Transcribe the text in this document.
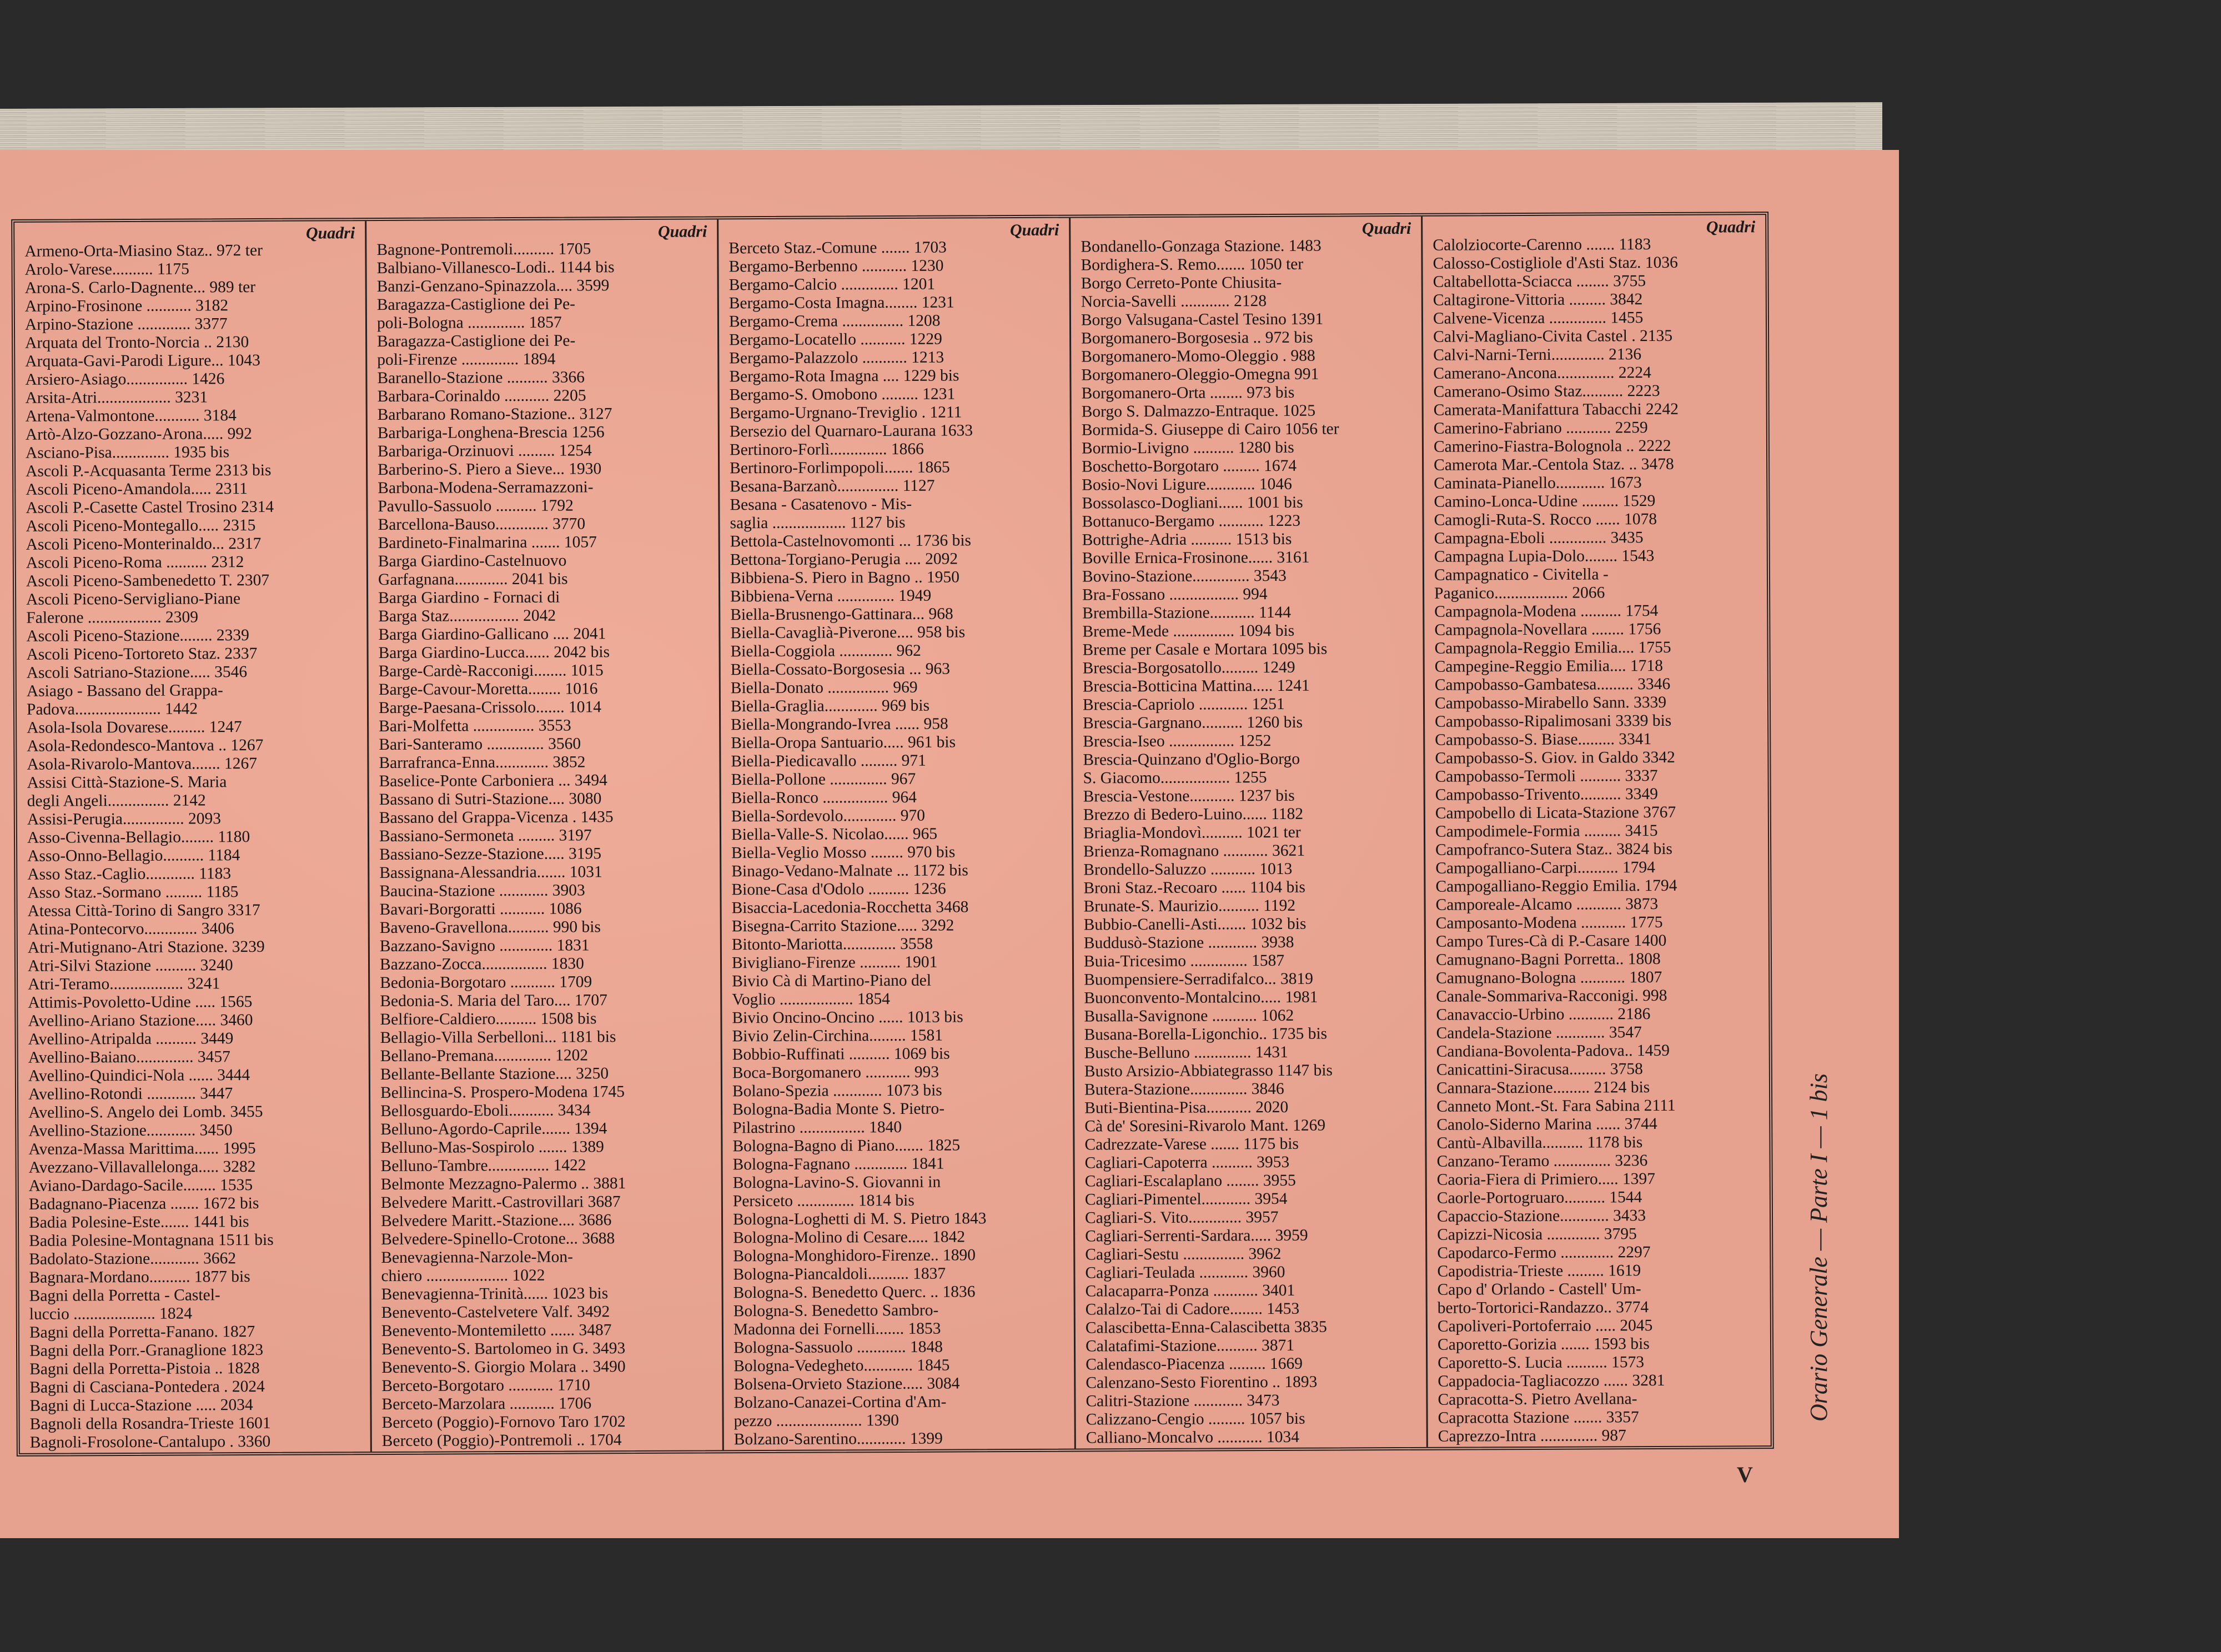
Quadri
Armeno-Orta-Miasino Staz.. 972 ter
Arolo-Varese.......... 1175
Arona-S. Carlo-Dagnente... 989 ter
Arpino-Frosinone ........... 3182
Arpino-Stazione ............. 3377
Arquata del Tronto-Norcia .. 2130
Arquata-Gavi-Parodi Ligure... 1043
Arsiero-Asiago............... 1426
Arsita-Atri.................. 3231
Artena-Valmontone........... 3184
Artò-Alzo-Gozzano-Arona..... 992
Asciano-Pisa.............. 1935 bis
Ascoli P.-Acquasanta Terme 2313 bis
Ascoli Piceno-Amandola..... 2311
Ascoli P.-Casette Castel Trosino 2314
Ascoli Piceno-Montegallo..... 2315
Ascoli Piceno-Monterinaldo... 2317
Ascoli Piceno-Roma .......... 2312
Ascoli Piceno-Sambenedetto T. 2307
Ascoli Piceno-Servigliano-Piane
Falerone .................. 2309
Ascoli Piceno-Stazione........ 2339
Ascoli Piceno-Tortoreto Staz. 2337
Ascoli Satriano-Stazione..... 3546
Asiago - Bassano del Grappa-
Padova..................... 1442
Asola-Isola Dovarese......... 1247
Asola-Redondesco-Mantova .. 1267
Asola-Rivarolo-Mantova....... 1267
Assisi Città-Stazione-S. Maria
degli Angeli............... 2142
Assisi-Perugia............... 2093
Asso-Civenna-Bellagio........ 1180
Asso-Onno-Bellagio.......... 1184
Asso Staz.-Caglio............ 1183
Asso Staz.-Sormano ......... 1185
Atessa Città-Torino di Sangro 3317
Atina-Pontecorvo............. 3406
Atri-Mutignano-Atri Stazione. 3239
Atri-Silvi Stazione .......... 3240
Atri-Teramo.................. 3241
Attimis-Povoletto-Udine ..... 1565
Avellino-Ariano Stazione..... 3460
Avellino-Atripalda .......... 3449
Avellino-Baiano.............. 3457
Avellino-Quindici-Nola ...... 3444
Avellino-Rotondi ............ 3447
Avellino-S. Angelo dei Lomb. 3455
Avellino-Stazione............ 3450
Avenza-Massa Marittima...... 1995
Avezzano-Villavallelonga..... 3282
Aviano-Dardago-Sacile........ 1535
Badagnano-Piacenza ....... 1672 bis
Badia Polesine-Este....... 1441 bis
Badia Polesine-Montagnana 1511 bis
Badolato-Stazione............ 3662
Bagnara-Mordano.......... 1877 bis
Bagni della Porretta - Castel-
luccio .................... 1824
Bagni della Porretta-Fanano. 1827
Bagni della Porr.-Granaglione 1823
Bagni della Porretta-Pistoia .. 1828
Bagni di Casciana-Pontedera . 2024
Bagni di Lucca-Stazione ..... 2034
Bagnoli della Rosandra-Trieste 1601
Bagnoli-Frosolone-Cantalupo . 3360
Quadri
Bagnone-Pontremoli.......... 1705
Balbiano-Villanesco-Lodi.. 1144 bis
Banzi-Genzano-Spinazzola.... 3599
Baragazza-Castiglione dei Pe-
poli-Bologna .............. 1857
Baragazza-Castiglione dei Pe-
poli-Firenze .............. 1894
Baranello-Stazione .......... 3366
Barbara-Corinaldo ........... 2205
Barbarano Romano-Stazione.. 3127
Barbariga-Longhena-Brescia 1256
Barbariga-Orzinuovi ......... 1254
Barberino-S. Piero a Sieve... 1930
Barbona-Modena-Serramazzoni-
Pavullo-Sassuolo .......... 1792
Barcellona-Bauso............. 3770
Bardineto-Finalmarina ....... 1057
Barga Giardino-Castelnuovo
Garfagnana............. 2041 bis
Barga Giardino - Fornaci di
Barga Staz................. 2042
Barga Giardino-Gallicano .... 2041
Barga Giardino-Lucca...... 2042 bis
Barge-Cardè-Racconigi........ 1015
Barge-Cavour-Moretta........ 1016
Barge-Paesana-Crissolo....... 1014
Bari-Molfetta ............... 3553
Bari-Santeramo .............. 3560
Barrafranca-Enna............. 3852
Baselice-Ponte Carboniera ... 3494
Bassano di Sutri-Stazione.... 3080
Bassano del Grappa-Vicenza . 1435
Bassiano-Sermoneta ......... 3197
Bassiano-Sezze-Stazione..... 3195
Bassignana-Alessandria....... 1031
Baucina-Stazione ............ 3903
Bavari-Borgoratti ........... 1086
Baveno-Gravellona.......... 990 bis
Bazzano-Savigno ............. 1831
Bazzano-Zocca................ 1830
Bedonia-Borgotaro ........... 1709
Bedonia-S. Maria del Taro.... 1707
Belfiore-Caldiero.......... 1508 bis
Bellagio-Villa Serbelloni... 1181 bis
Bellano-Premana.............. 1202
Bellante-Bellante Stazione.... 3250
Bellincina-S. Prospero-Modena 1745
Bellosguardo-Eboli........... 3434
Belluno-Agordo-Caprile....... 1394
Belluno-Mas-Sospirolo ....... 1389
Belluno-Tambre............... 1422
Belmonte Mezzagno-Palermo .. 3881
Belvedere Maritt.-Castrovillari 3687
Belvedere Maritt.-Stazione.... 3686
Belvedere-Spinello-Crotone... 3688
Benevagienna-Narzole-Mon-
chiero .................... 1022
Benevagienna-Trinità...... 1023 bis
Benevento-Castelvetere Valf. 3492
Benevento-Montemiletto ...... 3487
Benevento-S. Bartolomeo in G. 3493
Benevento-S. Giorgio Molara .. 3490
Berceto-Borgotaro ........... 1710
Berceto-Marzolara ........... 1706
Berceto (Poggio)-Fornovo Taro 1702
Berceto (Poggio)-Pontremoli .. 1704
Quadri
Berceto Staz.-Comune ....... 1703
Bergamo-Berbenno ........... 1230
Bergamo-Calcio .............. 1201
Bergamo-Costa Imagna........ 1231
Bergamo-Crema ............... 1208
Bergamo-Locatello ........... 1229
Bergamo-Palazzolo ........... 1213
Bergamo-Rota Imagna .... 1229 bis
Bergamo-S. Omobono ......... 1231
Bergamo-Urgnano-Treviglio . 1211
Bersezio del Quarnaro-Laurana 1633
Bertinoro-Forlì.............. 1866
Bertinoro-Forlimpopoli....... 1865
Besana-Barzanò............... 1127
Besana - Casatenovo - Mis-
saglia .................. 1127 bis
Bettola-Castelnovomonti ... 1736 bis
Bettona-Torgiano-Perugia .... 2092
Bibbiena-S. Piero in Bagno .. 1950
Bibbiena-Verna .............. 1949
Biella-Brusnengo-Gattinara... 968
Biella-Cavaglià-Piverone.... 958 bis
Biella-Coggiola ............. 962
Biella-Cossato-Borgosesia ... 963
Biella-Donato ............... 969
Biella-Graglia............. 969 bis
Biella-Mongrando-Ivrea ...... 958
Biella-Oropa Santuario..... 961 bis
Biella-Piedicavallo ......... 971
Biella-Pollone .............. 967
Biella-Ronco ................ 964
Biella-Sordevolo............. 970
Biella-Valle-S. Nicolao...... 965
Biella-Veglio Mosso ........ 970 bis
Binago-Vedano-Malnate ... 1172 bis
Bione-Casa d'Odolo .......... 1236
Bisaccia-Lacedonia-Rocchetta 3468
Bisegna-Carrito Stazione..... 3292
Bitonto-Mariotta............. 3558
Bivigliano-Firenze .......... 1901
Bivio Cà di Martino-Piano del
Voglio .................. 1854
Bivio Oncino-Oncino ...... 1013 bis
Bivio Zelin-Circhina......... 1581
Bobbio-Ruffinati .......... 1069 bis
Boca-Borgomanero ........... 993
Bolano-Spezia ............ 1073 bis
Bologna-Badia Monte S. Pietro-
Pilastrino ................ 1840
Bologna-Bagno di Piano....... 1825
Bologna-Fagnano ............. 1841
Bologna-Lavino-S. Giovanni in
Persiceto .............. 1814 bis
Bologna-Loghetti di M. S. Pietro 1843
Bologna-Molino di Cesare..... 1842
Bologna-Monghidoro-Firenze.. 1890
Bologna-Piancaldoli.......... 1837
Bologna-S. Benedetto Querc. .. 1836
Bologna-S. Benedetto Sambro-
Madonna dei Fornelli....... 1853
Bologna-Sassuolo ............ 1848
Bologna-Vedegheto............ 1845
Bolsena-Orvieto Stazione..... 3084
Bolzano-Canazei-Cortina d'Am-
pezzo ..................... 1390
Bolzano-Sarentino............ 1399
Quadri
Bondanello-Gonzaga Stazione. 1483
Bordighera-S. Remo....... 1050 ter
Borgo Cerreto-Ponte Chiusita-
Norcia-Savelli ............ 2128
Borgo Valsugana-Castel Tesino 1391
Borgomanero-Borgosesia .. 972 bis
Borgomanero-Momo-Oleggio . 988
Borgomanero-Oleggio-Omegna 991
Borgomanero-Orta ........ 973 bis
Borgo S. Dalmazzo-Entraque. 1025
Bormida-S. Giuseppe di Cairo 1056 ter
Bormio-Livigno .......... 1280 bis
Boschetto-Borgotaro ......... 1674
Bosio-Novi Ligure............ 1046
Bossolasco-Dogliani...... 1001 bis
Bottanuco-Bergamo ........... 1223
Bottrighe-Adria .......... 1513 bis
Boville Ernica-Frosinone...... 3161
Bovino-Stazione.............. 3543
Bra-Fossano ................. 994
Brembilla-Stazione........... 1144
Breme-Mede ............... 1094 bis
Breme per Casale e Mortara 1095 bis
Brescia-Borgosatollo......... 1249
Brescia-Botticina Mattina..... 1241
Brescia-Capriolo ............ 1251
Brescia-Gargnano.......... 1260 bis
Brescia-Iseo ................ 1252
Brescia-Quinzano d'Oglio-Borgo
S. Giacomo................. 1255
Brescia-Vestone........... 1237 bis
Brezzo di Bedero-Luino...... 1182
Briaglia-Mondovì.......... 1021 ter
Brienza-Romagnano ........... 3621
Brondello-Saluzzo ........... 1013
Broni Staz.-Recoaro ...... 1104 bis
Brunate-S. Maurizio.......... 1192
Bubbio-Canelli-Asti....... 1032 bis
Buddusò-Stazione ............ 3938
Buia-Tricesimo .............. 1587
Buompensiere-Serradifalco... 3819
Buonconvento-Montalcino..... 1981
Busalla-Savignone ........... 1062
Busana-Borella-Ligonchio.. 1735 bis
Busche-Belluno .............. 1431
Busto Arsizio-Abbiategrasso 1147 bis
Butera-Stazione.............. 3846
Buti-Bientina-Pisa........... 2020
Cà de' Soresini-Rivarolo Mant. 1269
Cadrezzate-Varese ....... 1175 bis
Cagliari-Capoterra .......... 3953
Cagliari-Escalaplano ........ 3955
Cagliari-Pimentel............ 3954
Cagliari-S. Vito............. 3957
Cagliari-Serrenti-Sardara..... 3959
Cagliari-Sestu ............... 3962
Cagliari-Teulada ............ 3960
Calacaparra-Ponza ........... 3401
Calalzo-Tai di Cadore........ 1453
Calascibetta-Enna-Calascibetta 3835
Calatafimi-Stazione.......... 3871
Calendasco-Piacenza ......... 1669
Calenzano-Sesto Fiorentino .. 1893
Calitri-Stazione ............ 3473
Calizzano-Cengio ......... 1057 bis
Calliano-Moncalvo ........... 1034
Quadri
Calolziocorte-Carenno ....... 1183
Calosso-Costigliole d'Asti Staz. 1036
Caltabellotta-Sciacca ........ 3755
Caltagirone-Vittoria ......... 3842
Calvene-Vicenza .............. 1455
Calvi-Magliano-Civita Castel . 2135
Calvi-Narni-Terni............. 2136
Camerano-Ancona.............. 2224
Camerano-Osimo Staz.......... 2223
Camerata-Manifattura Tabacchi 2242
Camerino-Fabriano ........... 2259
Camerino-Fiastra-Bolognola .. 2222
Camerota Mar.-Centola Staz. .. 3478
Caminata-Pianello............ 1673
Camino-Lonca-Udine ......... 1529
Camogli-Ruta-S. Rocco ...... 1078
Campagna-Eboli .............. 3435
Campagna Lupia-Dolo........ 1543
Campagnatico - Civitella -
Paganico.................. 2066
Campagnola-Modena .......... 1754
Campagnola-Novellara ........ 1756
Campagnola-Reggio Emilia.... 1755
Campegine-Reggio Emilia.... 1718
Campobasso-Gambatesa......... 3346
Campobasso-Mirabello Sann. 3339
Campobasso-Ripalimosani 3339 bis
Campobasso-S. Biase......... 3341
Campobasso-S. Giov. in Galdo 3342
Campobasso-Termoli .......... 3337
Campobasso-Trivento.......... 3349
Campobello di Licata-Stazione 3767
Campodimele-Formia ......... 3415
Campofranco-Sutera Staz.. 3824 bis
Campogalliano-Carpi.......... 1794
Campogalliano-Reggio Emilia. 1794
Camporeale-Alcamo ........... 3873
Camposanto-Modena ........... 1775
Campo Tures-Cà di P.-Casare 1400
Camugnano-Bagni Porretta.. 1808
Camugnano-Bologna ........... 1807
Canale-Sommariva-Racconigi. 998
Canavaccio-Urbino ........... 2186
Candela-Stazione ............ 3547
Candiana-Bovolenta-Padova.. 1459
Canicattini-Siracusa......... 3758
Cannara-Stazione......... 2124 bis
Canneto Mont.-St. Fara Sabina 2111
Canolo-Siderno Marina ...... 3744
Cantù-Albavilla.......... 1178 bis
Canzano-Teramo .............. 3236
Caoria-Fiera di Primiero..... 1397
Caorle-Portogruaro.......... 1544
Capaccio-Stazione............ 3433
Capizzi-Nicosia ............. 3795
Capodarco-Fermo ............. 2297
Capodistria-Trieste ......... 1619
Capo d' Orlando - Castell' Um-
berto-Tortorici-Randazzo.. 3774
Capoliveri-Portoferraio ..... 2045
Caporetto-Gorizia ....... 1593 bis
Caporetto-S. Lucia .......... 1573
Cappadocia-Tagliacozzo ...... 3281
Capracotta-S. Pietro Avellana-
Capracotta Stazione ....... 3357
Caprezzo-Intra .............. 987
Orario Generale — Parte I — 1 bis
V
